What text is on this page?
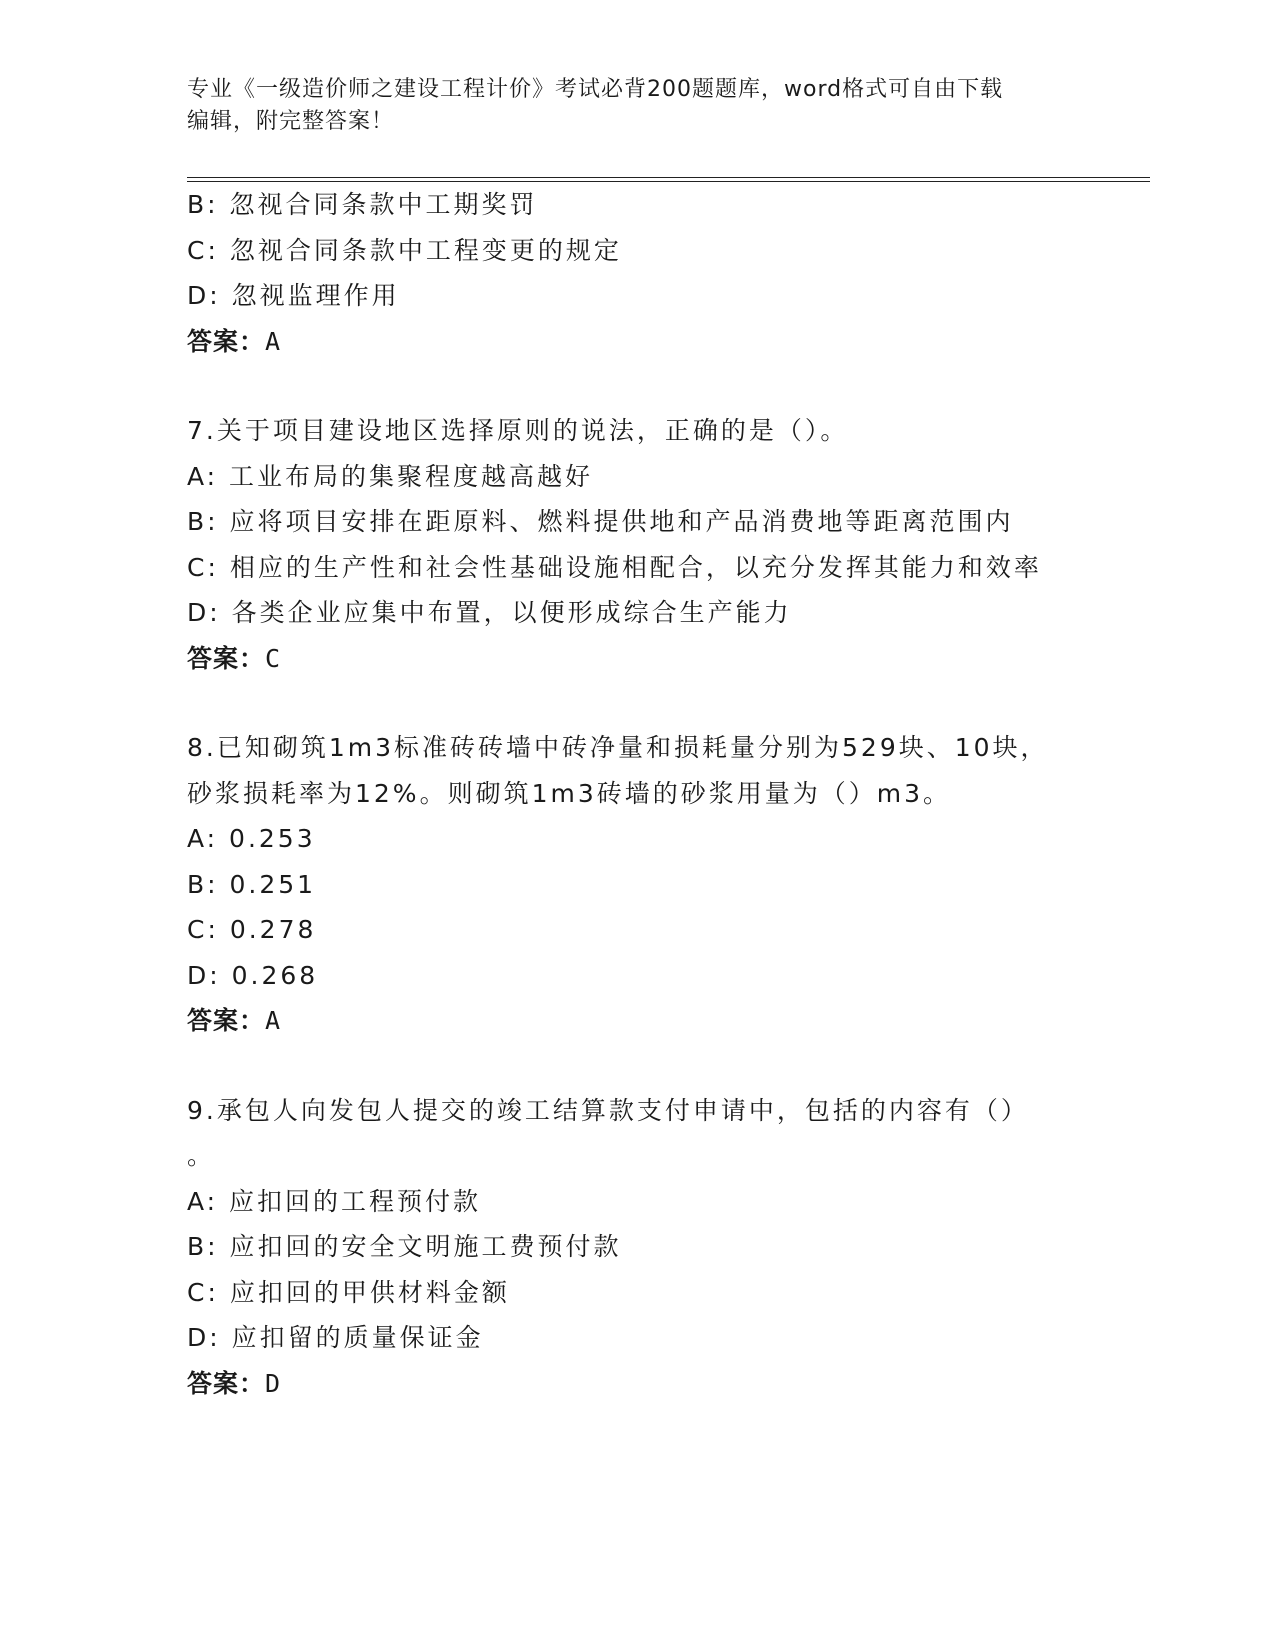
专业《一级造价师之建设工程计价》考试必背200题题库，word格式可自由下载
编辑，附完整答案！
B: 忽视合同条款中工期奖罚
C: 忽视合同条款中工程变更的规定
D: 忽视监理作用
答案：A
7.关于项目建设地区选择原则的说法，正确的是（）。
A: 工业布局的集聚程度越高越好
B: 应将项目安排在距原料、燃料提供地和产品消费地等距离范围内
C: 相应的生产性和社会性基础设施相配合，以充分发挥其能力和效率
D: 各类企业应集中布置，以便形成综合生产能力
答案：C
8.已知砌筑1m3标准砖砖墙中砖净量和损耗量分别为529块、10块，
砂浆损耗率为12%。则砌筑1m3砖墙的砂浆用量为（）m3。
A: 0.253
B: 0.251
C: 0.278
D: 0.268
答案：A
9.承包人向发包人提交的竣工结算款支付申请中，包括的内容有（）
。
A: 应扣回的工程预付款
B: 应扣回的安全文明施工费预付款
C: 应扣回的甲供材料金额
D: 应扣留的质量保证金
答案：D
